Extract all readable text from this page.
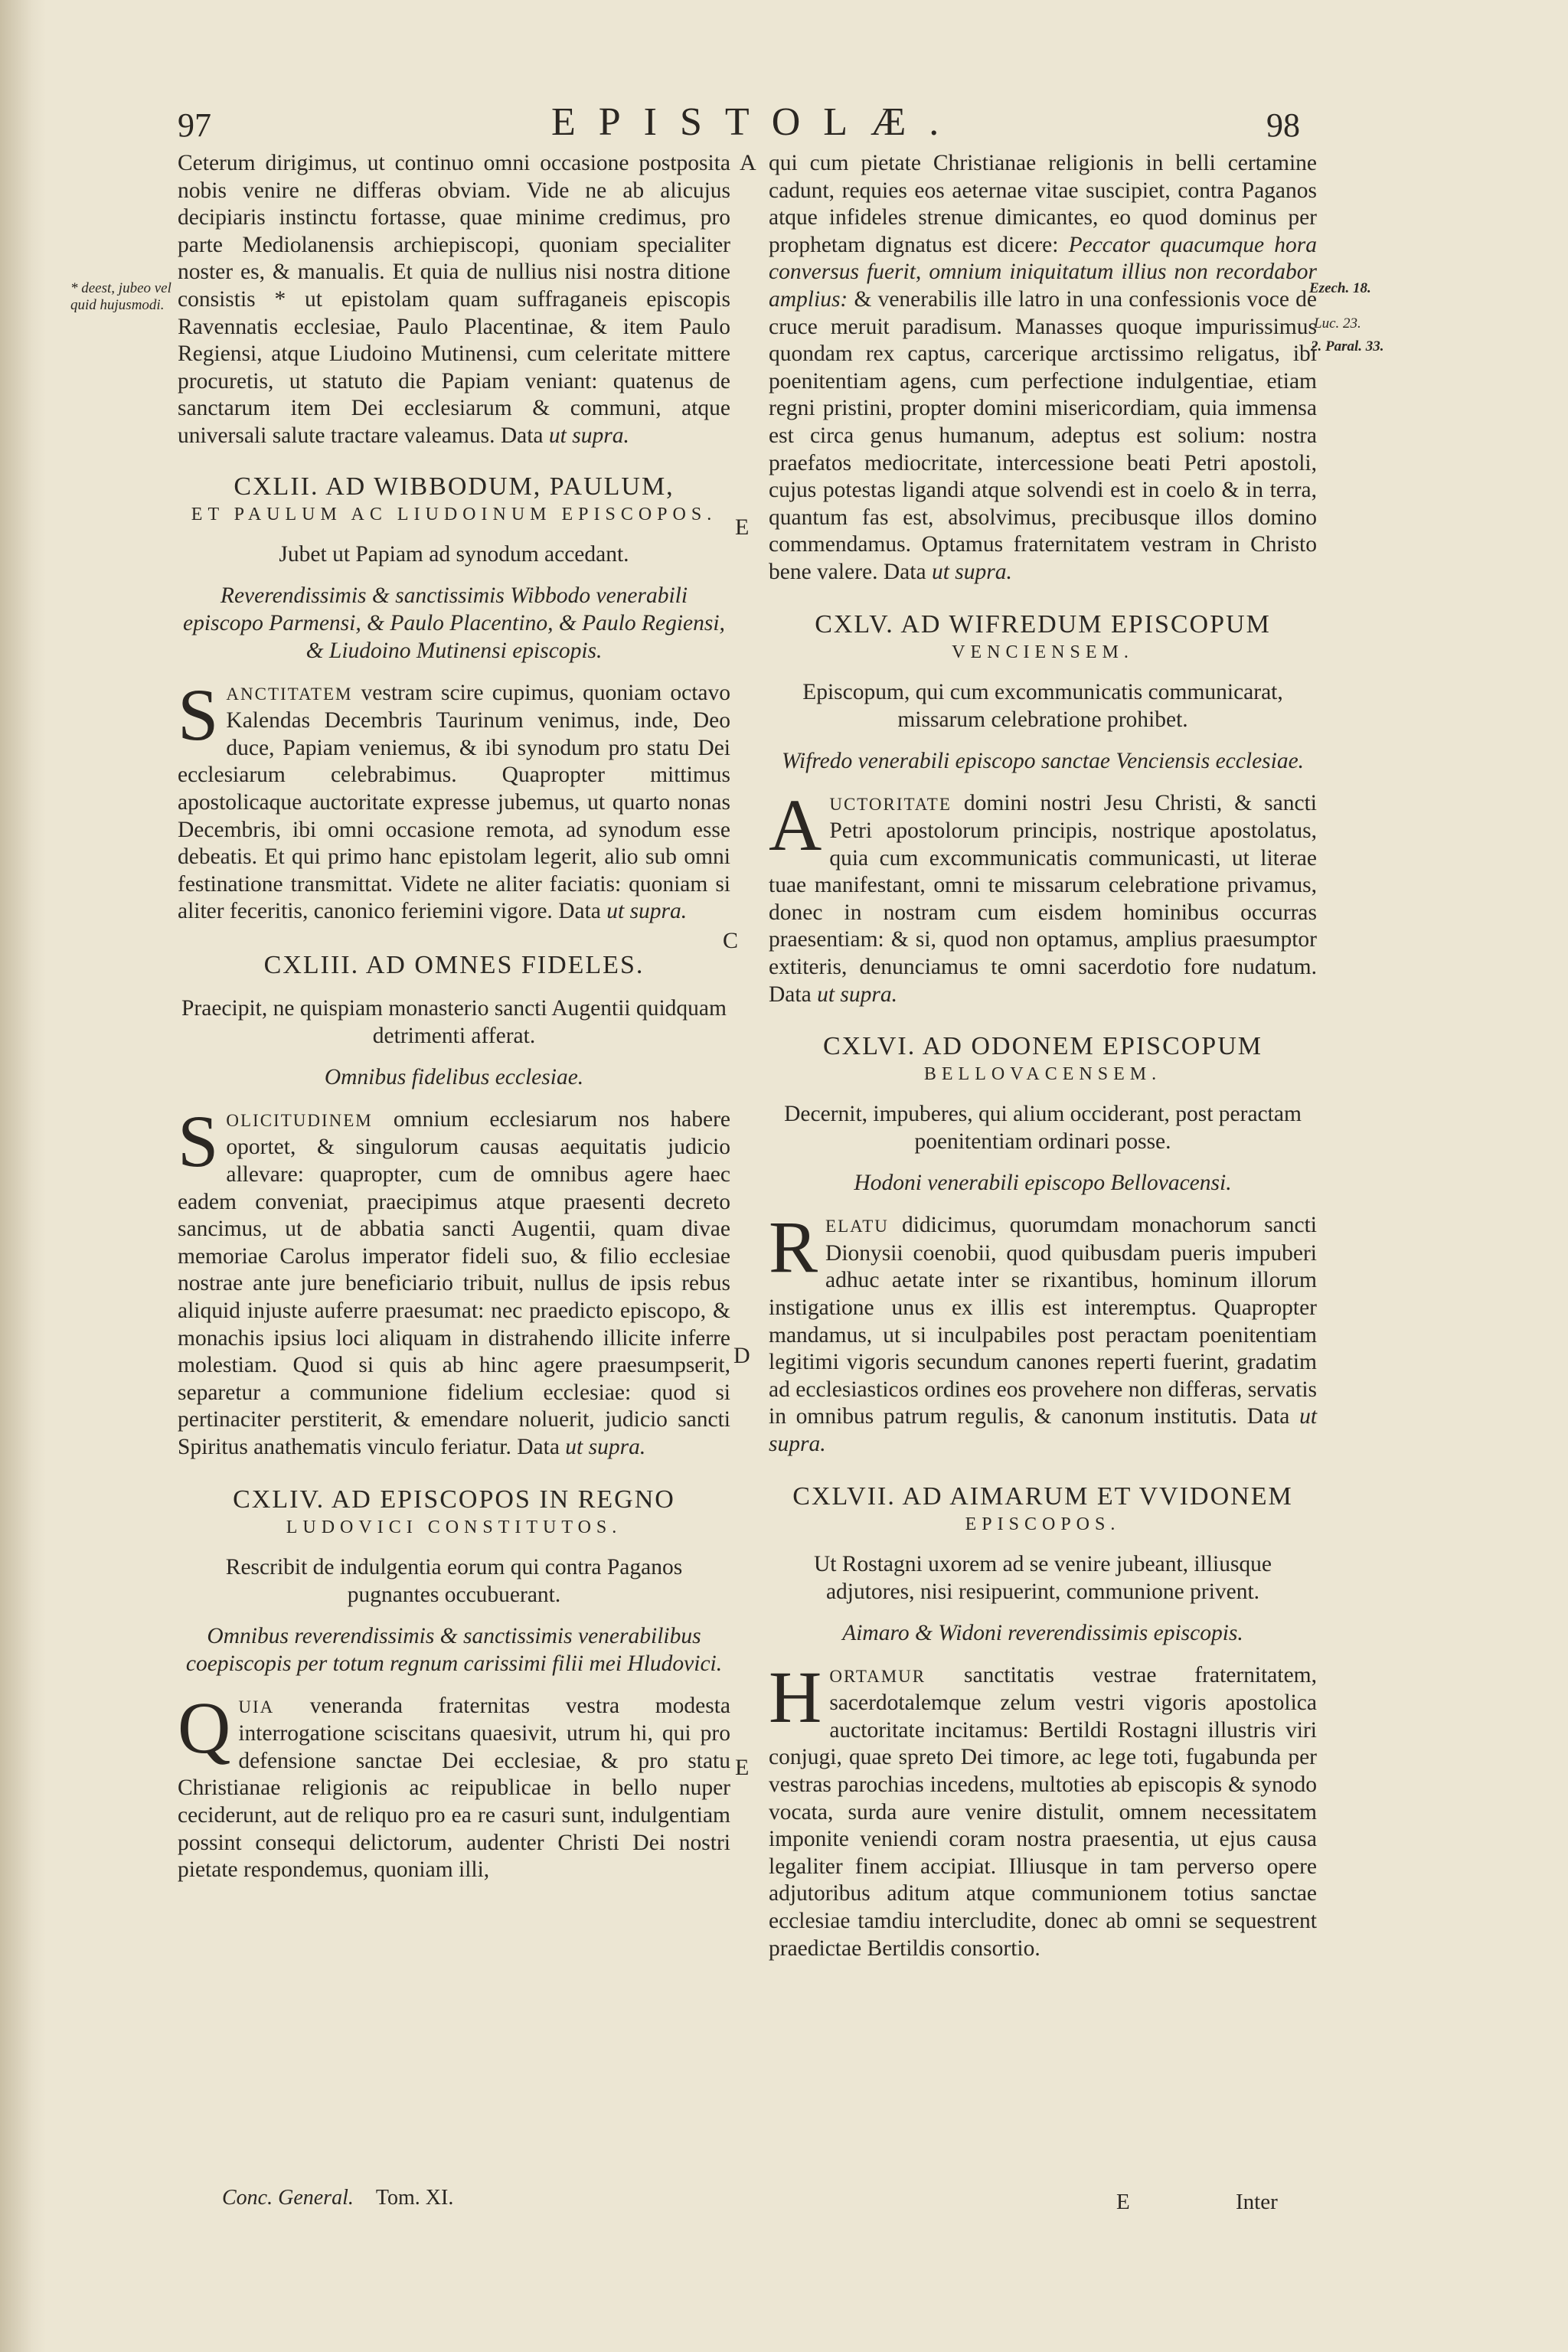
97	EPISTOLÆ.	98
A
E
C
D
E
* deest, jubeo vel quid hujusmodi.
Ezech. 18.
Luc. 23.
2. Paral. 33.

Ceterum dirigimus, ut continuo omni occasione postposita nobis venire ne differas obviam. Vide ne ab alicujus decipiaris instinctu fortasse, quae minime credimus, pro parte Mediolanensis archiepiscopi, quoniam specialiter noster es, & manualis. Et quia de nullius nisi nostra ditione consistis * ut epistolam quam suffraganeis episcopis Ravennatis ecclesiae, Paulo Placentinae, & item Paulo Regiensi, atque Liudoino Mutinensi, cum celeritate mittere procuretis, ut statuto die Papiam veniant: quatenus de sanctarum item Dei ecclesiarum & communi, atque universali salute tractare valeamus. Data ut supra.

CXLII. AD WIBBODUM, PAULUM,
ET PAULUM AC LIUDOINUM EPISCOPOS.
Jubet ut Papiam ad synodum accedant.
Reverendissimis & sanctissimis Wibbodo venerabili episcopo Parmensi, & Paulo Placentino, & Paulo Regiensi, & Liudoino Mutinensi episcopis.
S ANCTITATEM vestram scire cupimus, quoniam octavo Kalendas Decembris Taurinum venimus, inde, Deo duce, Papiam veniemus, & ibi synodum pro statu Dei ecclesiarum celebrabimus. Quapropter mittimus apostolicaque auctoritate expresse jubemus, ut quarto nonas Decembris, ibi omni occasione remota, ad synodum esse debeatis. Et qui primo hanc epistolam legerit, alio sub omni festinatione transmittat. Videte ne aliter faciatis: quoniam si aliter feceritis, canonico feriemini vigore. Data ut supra.
CXLIII. AD OMNES FIDELES.
Praecipit, ne quispiam monasterio sancti Augentii quidquam detrimenti afferat.
Omnibus fidelibus ecclesiae.
S OLICITUDINEM omnium ecclesiarum nos habere oportet, & singulorum causas aequitatis judicio allevare: quapropter, cum de omnibus agere haec eadem conveniat, praecipimus atque praesenti decreto sancimus, ut de abbatia sancti Augentii, quam divae memoriae Carolus imperator fideli suo, & filio ecclesiae nostrae ante jure beneficiario tribuit, nullus de ipsis rebus aliquid injuste auferre praesumat: nec praedicto episcopo, & monachis ipsius loci aliquam in distrahendo illicite inferre molestiam. Quod si quis ab hinc agere praesumpserit, separetur a communione fidelium ecclesiae: quod si pertinaciter perstiterit, & emendare noluerit, judicio sancti Spiritus anathematis vinculo feriatur. Data ut supra.
CXLIV. AD EPISCOPOS IN REGNO
LUDOVICI CONSTITUTOS.
Rescribit de indulgentia eorum qui contra Paganos pugnantes occubuerant.
Omnibus reverendissimis & sanctissimis venerabilibus coepiscopis per totum regnum carissimi filii mei Hludovici.
Q UIA veneranda fraternitas vestra modesta interrogatione sciscitans quaesivit, utrum hi, qui pro defensione sanctae Dei ecclesiae, & pro statu Christianae religionis ac reipublicae in bello nuper ceciderunt, aut de reliquo pro ea re casuri sunt, indulgentiam possint consequi delictorum, audenter Christi Dei nostri pietate respondemus, quoniam illi,
Conc. General. Tom. XI.

qui cum pietate Christianae religionis in belli certamine cadunt, requies eos aeternae vitae suscipiet, contra Paganos atque infideles strenue dimicantes, eo quod dominus per prophetam dignatus est dicere: Peccator quacumque hora conversus fuerit, omnium iniquitatum illius non recordabor amplius: & venerabilis ille latro in una confessionis voce de cruce meruit paradisum. Manasses quoque impurissimus quondam rex captus, carcerique arctissimo religatus, ibi poenitentiam agens, cum perfectione indulgentiae, etiam regni pristini, propter domini misericordiam, quia immensa est circa genus humanum, adeptus est solium: nostra praefatos mediocritate, intercessione beati Petri apostoli, cujus potestas ligandi atque solvendi est in coelo & in terra, quantum fas est, absolvimus, precibusque illos domino commendamus. Optamus fraternitatem vestram in Christo bene valere. Data ut supra.

CXLV. AD WIFREDUM EPISCOPUM
VENCIENSEM.
Episcopum, qui cum excommunicatis communicarat, missarum celebratione prohibet.
Wifredo venerabili episcopo sanctae Venciensis ecclesiae.
A UCTORITATE domini nostri Jesu Christi, & sancti Petri apostolorum principis, nostrique apostolatus, quia cum excommunicatis communicasti, ut literae tuae manifestant, omni te missarum celebratione privamus, donec in nostram cum eisdem hominibus occurras praesentiam: & si, quod non optamus, amplius praesumptor extiteris, denunciamus te omni sacerdotio fore nudatum. Data ut supra.
CXLVI. AD ODONEM EPISCOPUM
BELLOVACENSEM.
Decernit, impuberes, qui alium occiderant, post peractam poenitentiam ordinari posse.
Hodoni venerabili episcopo Bellovacensi.
R ELATU didicimus, quorumdam monachorum sancti Dionysii coenobii, quod quibusdam pueris impuberi adhuc aetate inter se rixantibus, hominum illorum instigatione unus ex illis est interemptus. Quapropter mandamus, ut si inculpabiles post peractam poenitentiam legitimi vigoris secundum canones reperti fuerint, gradatim ad ecclesiasticos ordines eos provehere non differas, servatis in omnibus patrum regulis, & canonum institutis. Data ut supra.
CXLVII. AD AIMARUM ET VVIDONEM
EPISCOPOS.
Ut Rostagni uxorem ad se venire jubeant, illiusque adjutores, nisi resipuerint, communione privent.
Aimaro & Widoni reverendissimis episcopis.
H ORTAMUR sanctitatis vestrae fraternitatem, sacerdotalemque zelum vestri vigoris apostolica auctoritate incitamus: Bertildi Rostagni illustris viri conjugi, quae spreto Dei timore, ac lege toti, fugabunda per vestras parochias incedens, multoties ab episcopis & synodo vocata, surda aure venire distulit, omnem necessitatem imponite veniendi coram nostra praesentia, ut ejus causa legaliter finem accipiat. Illiusque in tam perverso opere adjutoribus aditum atque communionem totius sanctae ecclesiae tamdiu intercludite, donec ab omni se sequestrent praedictae Bertildis consortio.
E	Inter
